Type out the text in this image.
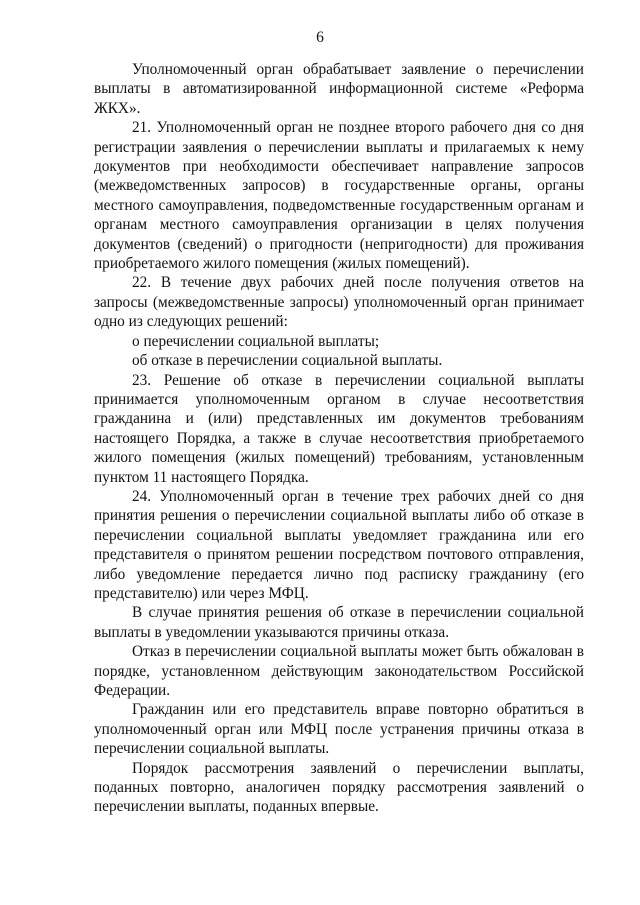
6

Уполномоченный орган обрабатывает заявление о перечислении выплаты в автоматизированной информационной системе «Реформа ЖКХ».

21. Уполномоченный орган не позднее второго рабочего дня со дня регистрации заявления о перечислении выплаты и прилагаемых к нему документов при необходимости обеспечивает направление запросов (межведомственных запросов) в государственные органы, органы местного самоуправления, подведомственные государственным органам и органам местного самоуправления организации в целях получения документов (сведений) о пригодности (непригодности) для проживания приобретаемого жилого помещения (жилых помещений).

22. В течение двух рабочих дней после получения ответов на запросы (межведомственные запросы) уполномоченный орган принимает одно из следующих решений:

о перечислении социальной выплаты;

об отказе в перечислении социальной выплаты.

23. Решение об отказе в перечислении социальной выплаты принимается уполномоченным органом в случае несоответствия гражданина и (или) представленных им документов требованиям настоящего Порядка, а также в случае несоответствия приобретаемого жилого помещения (жилых помещений) требованиям, установленным пунктом 11 настоящего Порядка.

24. Уполномоченный орган в течение трех рабочих дней со дня принятия решения о перечислении социальной выплаты либо об отказе в перечислении социальной выплаты уведомляет гражданина или его представителя о принятом решении посредством почтового отправления, либо уведомление передается лично под расписку гражданину (его представителю) или через МФЦ.

В случае принятия решения об отказе в перечислении социальной выплаты в уведомлении указываются причины отказа.

Отказ в перечислении социальной выплаты может быть обжалован в порядке, установленном действующим законодательством Российской Федерации.

Гражданин или его представитель вправе повторно обратиться в уполномоченный орган или МФЦ после устранения причины отказа в перечислении социальной выплаты.

Порядок рассмотрения заявлений о перечислении выплаты, поданных повторно, аналогичен порядку рассмотрения заявлений о перечислении выплаты, поданных впервые.
